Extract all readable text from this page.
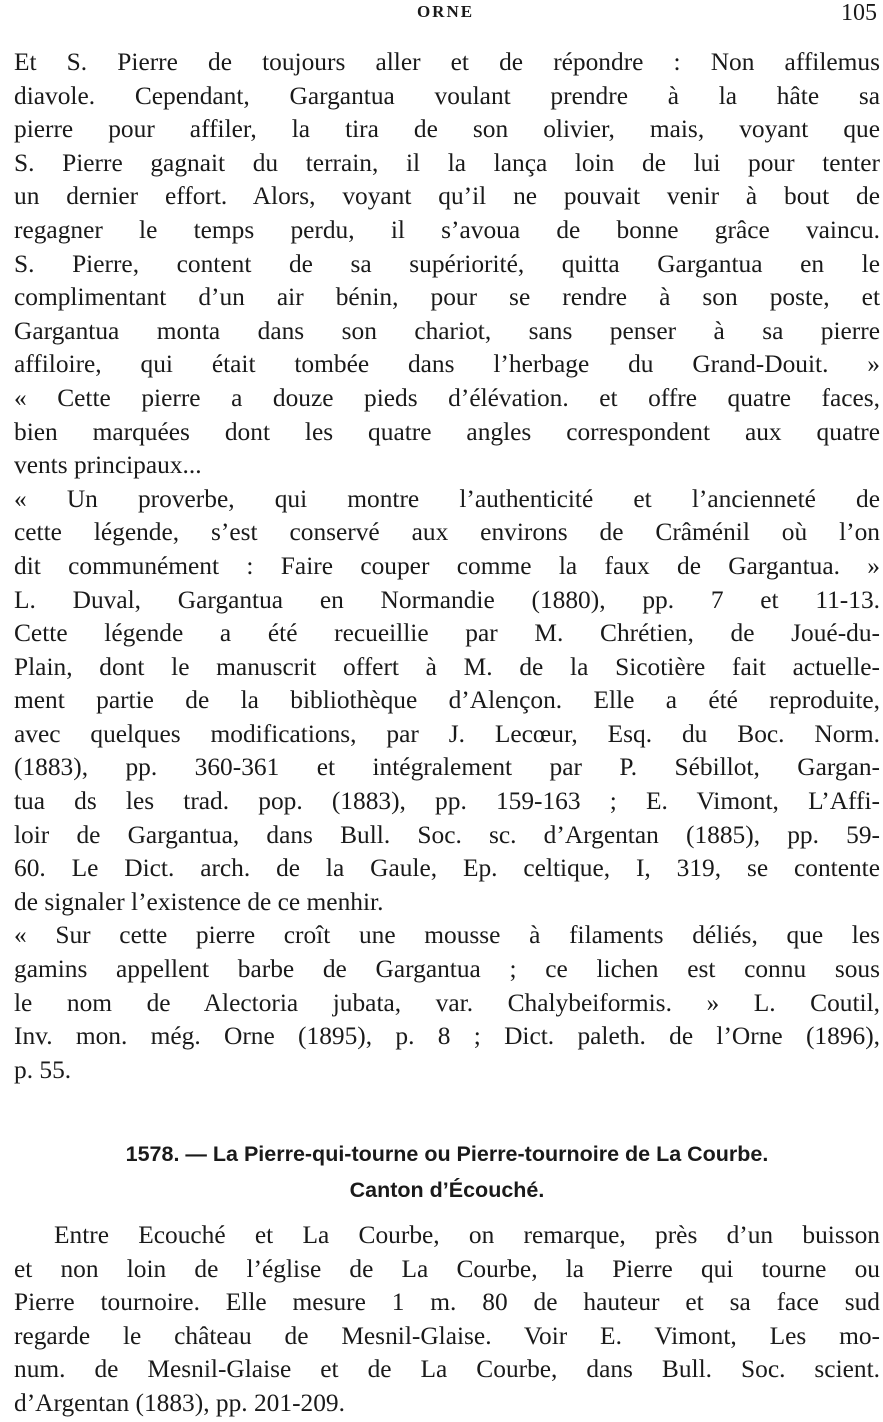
ORNE	105
Et S. Pierre de toujours aller et de répondre : Non affilemus
diavole. Cependant, Gargantua voulant prendre à la hâte sa
pierre pour affiler, la tira de son olivier, mais, voyant que
S. Pierre gagnait du terrain, il la lança loin de lui pour tenter
un dernier effort. Alors, voyant qu’il ne pouvait venir à bout de
regagner le temps perdu, il s’avoua de bonne grâce vaincu.
S. Pierre, content de sa supériorité, quitta Gargantua en le
complimentant d’un air bénin, pour se rendre à son poste, et
Gargantua monta dans son chariot, sans penser à sa pierre
affiloire, qui était tombée dans l’herbage du Grand-Douit. »
« Cette pierre a douze pieds d’élévation. et offre quatre faces,
bien marquées dont les quatre angles correspondent aux quatre
vents principaux...
« Un proverbe, qui montre l’authenticité et l’ancienneté de
cette légende, s’est conservé aux environs de Crâménil où l’on
dit communément : Faire couper comme la faux de Gargantua. »
L. Duval, Gargantua en Normandie (1880), pp. 7 et 11-13.
Cette légende a été recueillie par M. Chrétien, de Joué-du-
Plain, dont le manuscrit offert à M. de la Sicotière fait actuelle-
ment partie de la bibliothèque d’Alençon. Elle a été reproduite,
avec quelques modifications, par J. Lecœur, Esq. du Boc. Norm.
(1883), pp. 360-361 et intégralement par P. Sébillot, Gargan-
tua ds les trad. pop. (1883), pp. 159-163 ; E. Vimont, L’Affi-
loir de Gargantua, dans Bull. Soc. sc. d’Argentan (1885), pp. 59-
60. Le Dict. arch. de la Gaule, Ep. celtique, I, 319, se contente
de signaler l’existence de ce menhir.
« Sur cette pierre croît une mousse à filaments déliés, que les
gamins appellent barbe de Gargantua ; ce lichen est connu sous
le nom de Alectoria jubata, var. Chalybeiformis. » L. Coutil,
Inv. mon. még. Orne (1895), p. 8 ; Dict. paleth. de l’Orne (1896),
p. 55.
1578. — La Pierre-qui-tourne ou Pierre-tournoire de La Courbe.
Canton d’Écouché.
Entre Ecouché et La Courbe, on remarque, près d’un buisson
et non loin de l’église de La Courbe, la Pierre qui tourne ou
Pierre tournoire. Elle mesure 1 m. 80 de hauteur et sa face sud
regarde le château de Mesnil-Glaise. Voir E. Vimont, Les mo-
num. de Mesnil-Glaise et de La Courbe, dans Bull. Soc. scient.
d’Argentan (1883), pp. 201-209.
